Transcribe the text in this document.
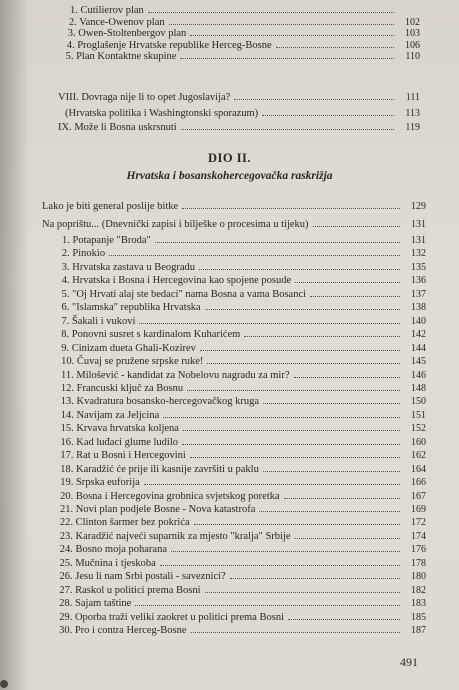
1. Cutilierov plan
2. Vance-Owenov plan	102
3. Owen-Stoltenbergov plan	103
4. Proglašenje Hrvatske republike Herceg-Bosne	106
5. Plan Kontaktne skupine	110
VIII. Dovraga nije li to opet Jugoslavija?	111
(Hrvatska politika i Washingtonski sporazum)	113
IX. Može li Bosna uskrsnuti	119
DIO II.
Hrvatska i bosanskohercegovačka raskrižja
Lako je biti general poslije bitke	129
Na poprištu... (Dnevnički zapisi i bilješke o procesima u tijeku)	131
1. Potapanje "Broda"	131
2. Pinokio	132
3. Hrvatska zastava u Beogradu	135
4. Hrvatska i Bosna i Hercegovina kao spojene posude	136
5. "Oj Hrvati alaj ste bedaci" nama Bosna a vama Bosanci	137
6. "Islamska" republika Hrvatska	138
7. Šakali i vukovi	140
8. Ponovni susret s kardinalom Kuharićem	142
9. Cinizam dueta Ghali-Kozirev	144
10. Čuvaj se pružene srpske ruke!	145
11. Milošević - kandidat za Nobelovu nagradu za mir?	146
12. Francuski ključ za Bosnu	148
13. Kvadratura bosansko-hercegovačkog kruga	150
14. Navijam za Jeljcina	151
15. Krvava hrvatska koljena	152
16. Kad luđaci glume ludilo	160
17. Rat u Bosni i Hercegovini	162
18. Karadžić će prije ili kasnije završiti u paklu	164
19. Srpska euforija	166
20. Bosna i Hercegovina grobnica svjetskog poretka	167
21. Novi plan podjele Bosne - Nova katastrofa	169
22. Clinton šarmer bez pokrića	172
23. Karadžić najveći suparnik za mjesto "kralja" Srbije	174
24. Bosno moja poharana	176
25. Mučnina i tjeskoba	178
26. Jesu li nam Srbi postali - saveznici?	180
27. Raskol u politici prema Bosni	182
28. Sajam taštine	183
29. Oporba traži veliki zaokret u politici prema Bosni	185
30. Pro i contra Herceg-Bosne	187
491
